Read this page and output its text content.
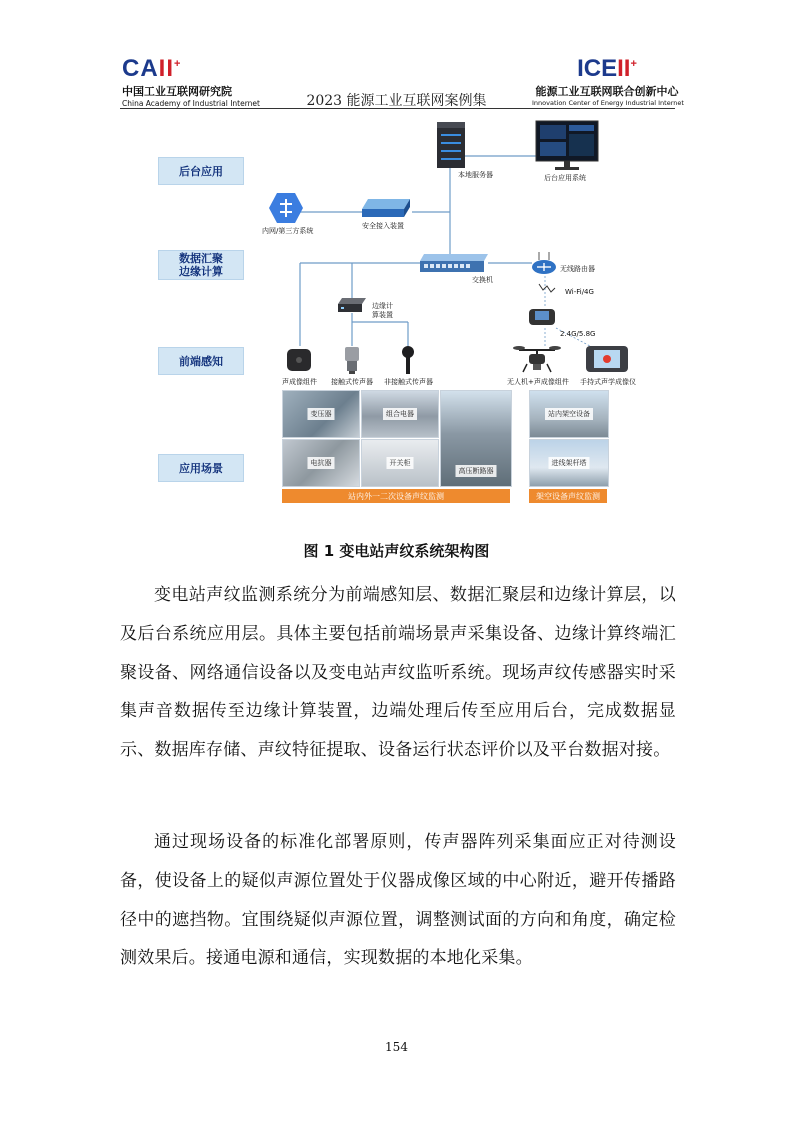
CAII+
中国工业互联网研究院
China Academy of Industrial Internet	2023 能源工业互联网案例集
ICEII+
能源工业互联网联合创新中心
Innovation Center of Energy Industrial Internet
后台应用
数据汇聚
边缘计算
前端感知
应用场景
本地服务器	后台应用系统
内网/第三方系统
安全接入装置
交换机
无线路由器
Wi-Fi/4G
2.4G/5.8G
边缘计
算装置
声成像组件 接触式传声器 非接触式传声器	无人机+声成像组件 手持式声学成像仪
变压器	组合电器
电抗器	开关柜
高压断路器
站内外一二次设备声纹监测
站内架空设备
进线架杆塔
架空设备声纹监测
图 1 变电站声纹系统架构图
变电站声纹监测系统分为前端感知层、数据汇聚层和边缘计算层，以及后台系统应用层。具体主要包括前端场景声采集设备、边缘计算终端汇聚设备、网络通信设备以及变电站声纹监听系统。现场声纹传感器实时采集声音数据传至边缘计算装置，边端处理后传至应用后台，完成数据显示、数据库存储、声纹特征提取、设备运行状态评价以及平台数据对接。
通过现场设备的标准化部署原则，传声器阵列采集面应正对待测设备，使设备上的疑似声源位置处于仪器成像区域的中心附近，避开传播路径中的遮挡物。宜围绕疑似声源位置，调整测试面的方向和角度，确定检测效果后。接通电源和通信，实现数据的本地化采集。
154
